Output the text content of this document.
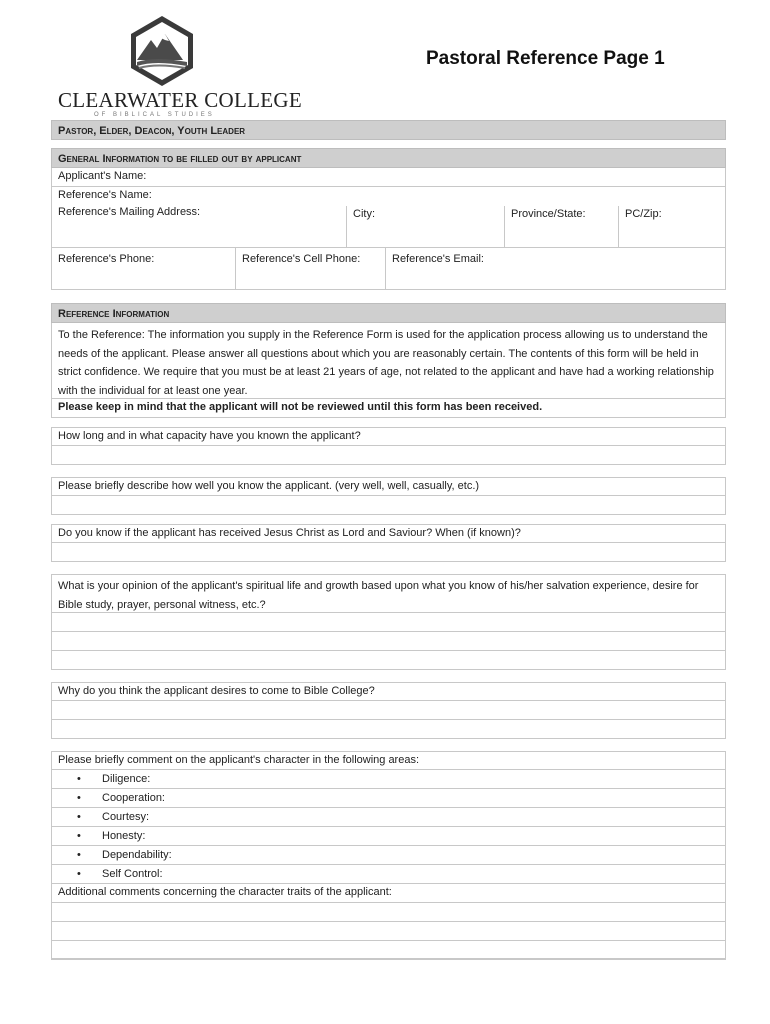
CLEARWATER COLLEGE
OF BIBLICAL STUDIES
Pastoral Reference Page 1
Pastor, Elder, Deacon, Youth Leader
General Information to be filled out by applicant
Applicant's Name:
Reference's Name:
Reference's Mailing Address:	City:	Province/State:	PC/Zip:
Reference's Phone:	Reference's Cell Phone:	Reference's Email:
Reference Information
To the Reference: The information you supply in the Reference Form is used for the application process allowing us to understand the needs of the applicant. Please answer all questions about which you are reasonably certain. The contents of this form will be held in strict confidence. We require that you must be at least 21 years of age, not related to the applicant and have had a working relationship with the individual for at least one year.
Please keep in mind that the applicant will not be reviewed until this form has been received.
How long and in what capacity have you known the applicant?
Please briefly describe how well you know the applicant. (very well, well, casually, etc.)
Do you know if the applicant has received Jesus Christ as Lord and Saviour? When (if known)?
What is your opinion of the applicant's spiritual life and growth based upon what you know of his/her salvation experience, desire for Bible study, prayer, personal witness, etc.?
Why do you think the applicant desires to come to Bible College?
Please briefly comment on the applicant's character in the following areas:
• Diligence:
• Cooperation:
• Courtesy:
• Honesty:
• Dependability:
• Self Control:
Additional comments concerning the character traits of the applicant:
